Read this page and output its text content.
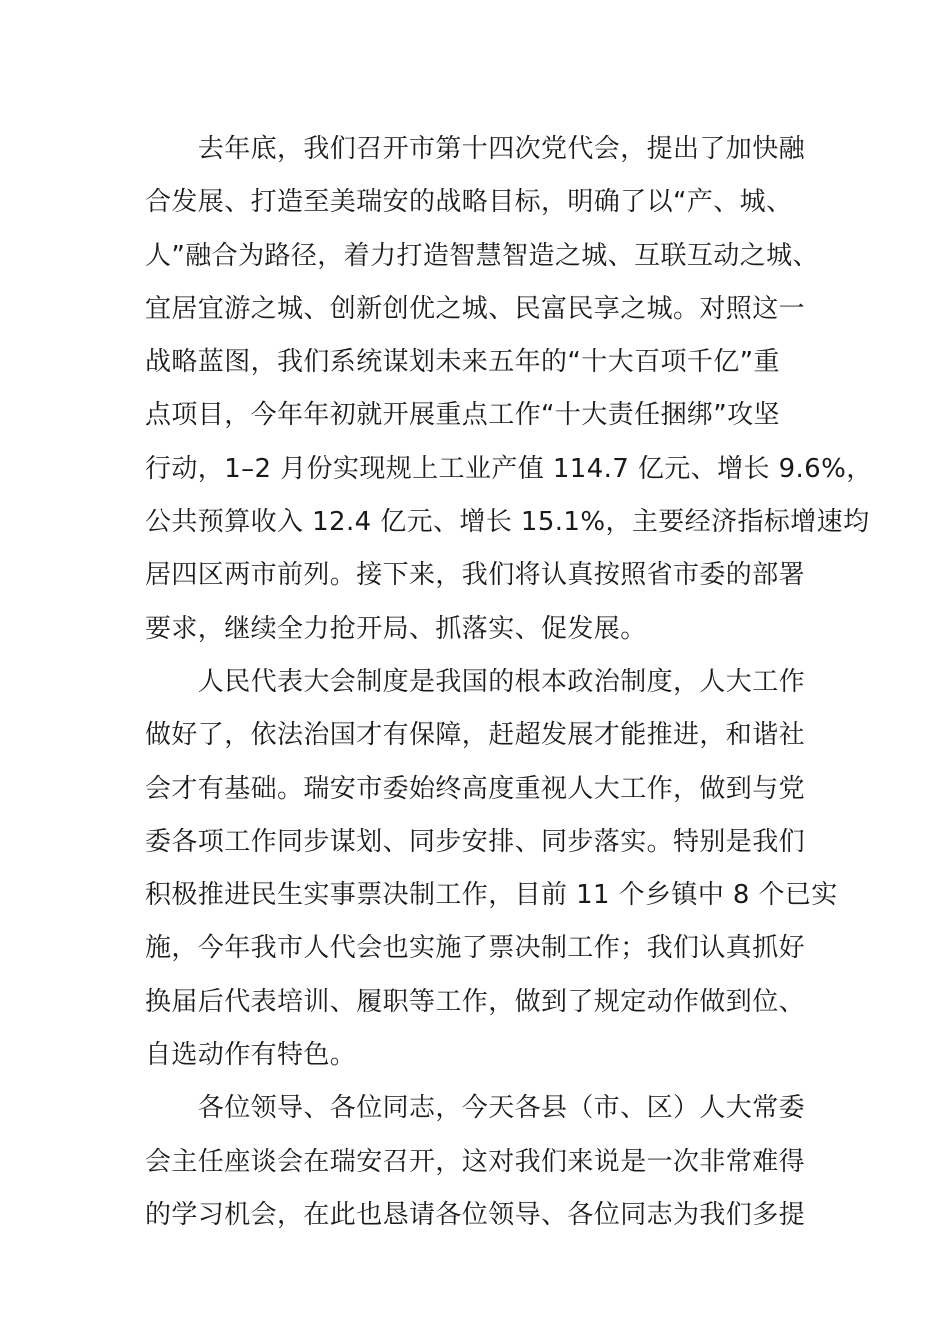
　　去年底，我们召开市第十四次党代会，提出了加快融
合发展、打造至美瑞安的战略目标，明确了以“产、城、
人”融合为路径，着力打造智慧智造之城、互联互动之城、
宜居宜游之城、创新创优之城、民富民享之城。对照这一
战略蓝图，我们系统谋划未来五年的“十大百项千亿”重
点项目，今年年初就开展重点工作“十大责任捆绑”攻坚
行动，1–2 月份实现规上工业产值 114.7 亿元、增长 9.6%，
公共预算收入 12.4 亿元、增长 15.1%，主要经济指标增速均
居四区两市前列。接下来，我们将认真按照省市委的部署
要求，继续全力抢开局、抓落实、促发展。
　　人民代表大会制度是我国的根本政治制度，人大工作
做好了，依法治国才有保障，赶超发展才能推进，和谐社
会才有基础。瑞安市委始终高度重视人大工作，做到与党
委各项工作同步谋划、同步安排、同步落实。特别是我们
积极推进民生实事票决制工作，目前 11 个乡镇中 8 个已实
施，今年我市人代会也实施了票决制工作；我们认真抓好
换届后代表培训、履职等工作，做到了规定动作做到位、
自选动作有特色。
　　各位领导、各位同志，今天各县（市、区）人大常委
会主任座谈会在瑞安召开，这对我们来说是一次非常难得
的学习机会，在此也恳请各位领导、各位同志为我们多提
